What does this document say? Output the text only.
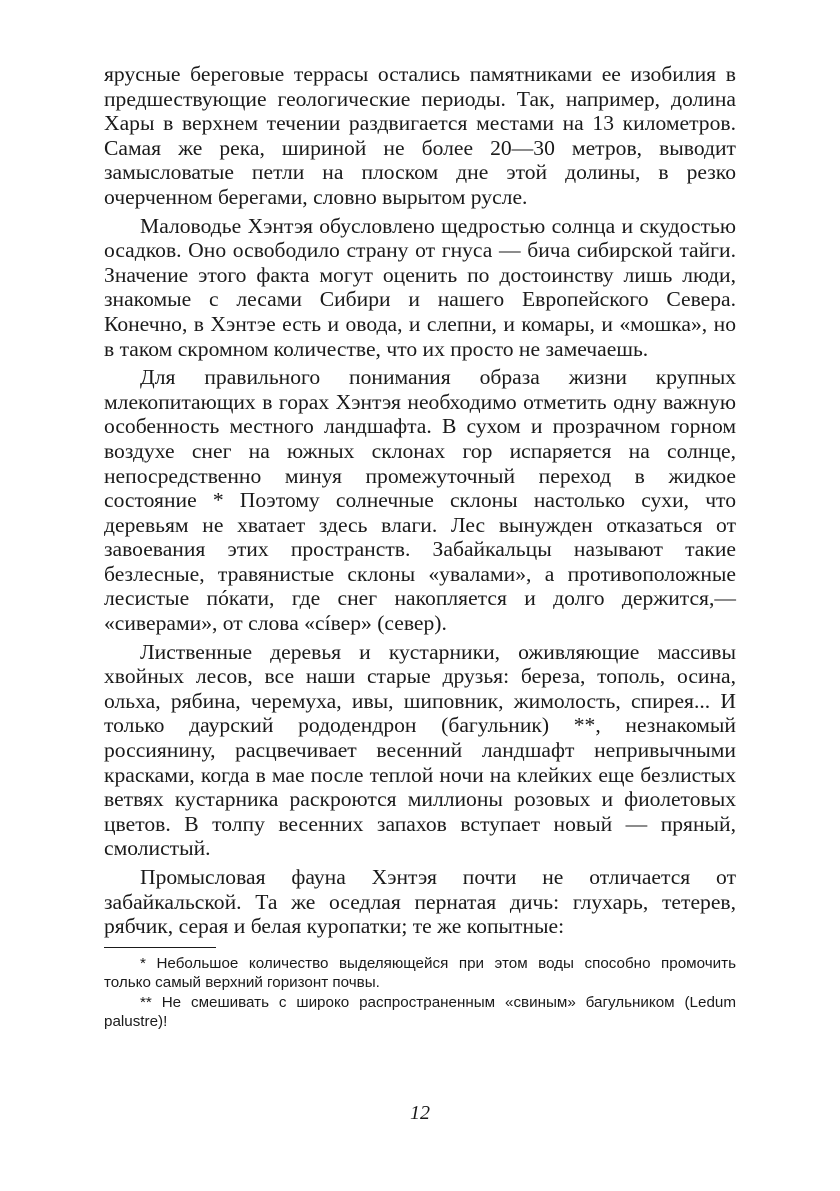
ярусные береговые террасы остались памятниками ее изобилия в предшествующие геологические периоды. Так, например, долина Хары в верхнем течении раздвигается местами на 13 километров. Самая же река, шириной не более 20—30 метров, выводит замысловатые петли на плоском дне этой долины, в резко очерченном берегами, словно вырытом русле.

Маловодье Хэнтэя обусловлено щедростью солнца и скудостью осадков. Оно освободило страну от гнуса — бича сибирской тайги. Значение этого факта могут оценить по достоинству лишь люди, знакомые с лесами Сибири и нашего Европейского Севера. Конечно, в Хэнтэе есть и овода, и слепни, и комары, и «мошка», но в таком скромном количестве, что их просто не замечаешь.

Для правильного понимания образа жизни крупных млекопитающих в горах Хэнтэя необходимо отметить одну важную особенность местного ландшафта. В сухом и прозрачном горном воздухе снег на южных склонах гор испаряется на солнце, непосредственно минуя промежуточный переход в жидкое состояние * Поэтому солнечные склоны настолько сухи, что деревьям не хватает здесь влаги. Лес вынужден отказаться от завоевания этих пространств. Забайкальцы называют такие безлесные, травянистые склоны «увалами», а противоположные лесистые пóкати, где снег накопляется и долго держится,— «сиверами», от слова «сíвер» (север).

Лиственные деревья и кустарники, оживляющие массивы хвойных лесов, все наши старые друзья: береза, тополь, осина, ольха, рябина, черемуха, ивы, шиповник, жимолость, спирея... И только даурский рододендрон (багульник) **, незнакомый россиянину, расцвечивает весенний ландшафт непривычными красками, когда в мае после теплой ночи на клейких еще безлистых ветвях кустарника раскроются миллионы розовых и фиолетовых цветов. В толпу весенних запахов вступает новый — пряный, смолистый.

Промысловая фауна Хэнтэя почти не отличается от забайкальской. Та же оседлая пернатая дичь: глухарь, тетерев, рябчик, серая и белая куропатки; те же копытные:

* Небольшое количество выделяющейся при этом воды способно промочить только самый верхний горизонт почвы.

** Не смешивать с широко распространенным «свиным» багульником (Ledum palustre)!

12
